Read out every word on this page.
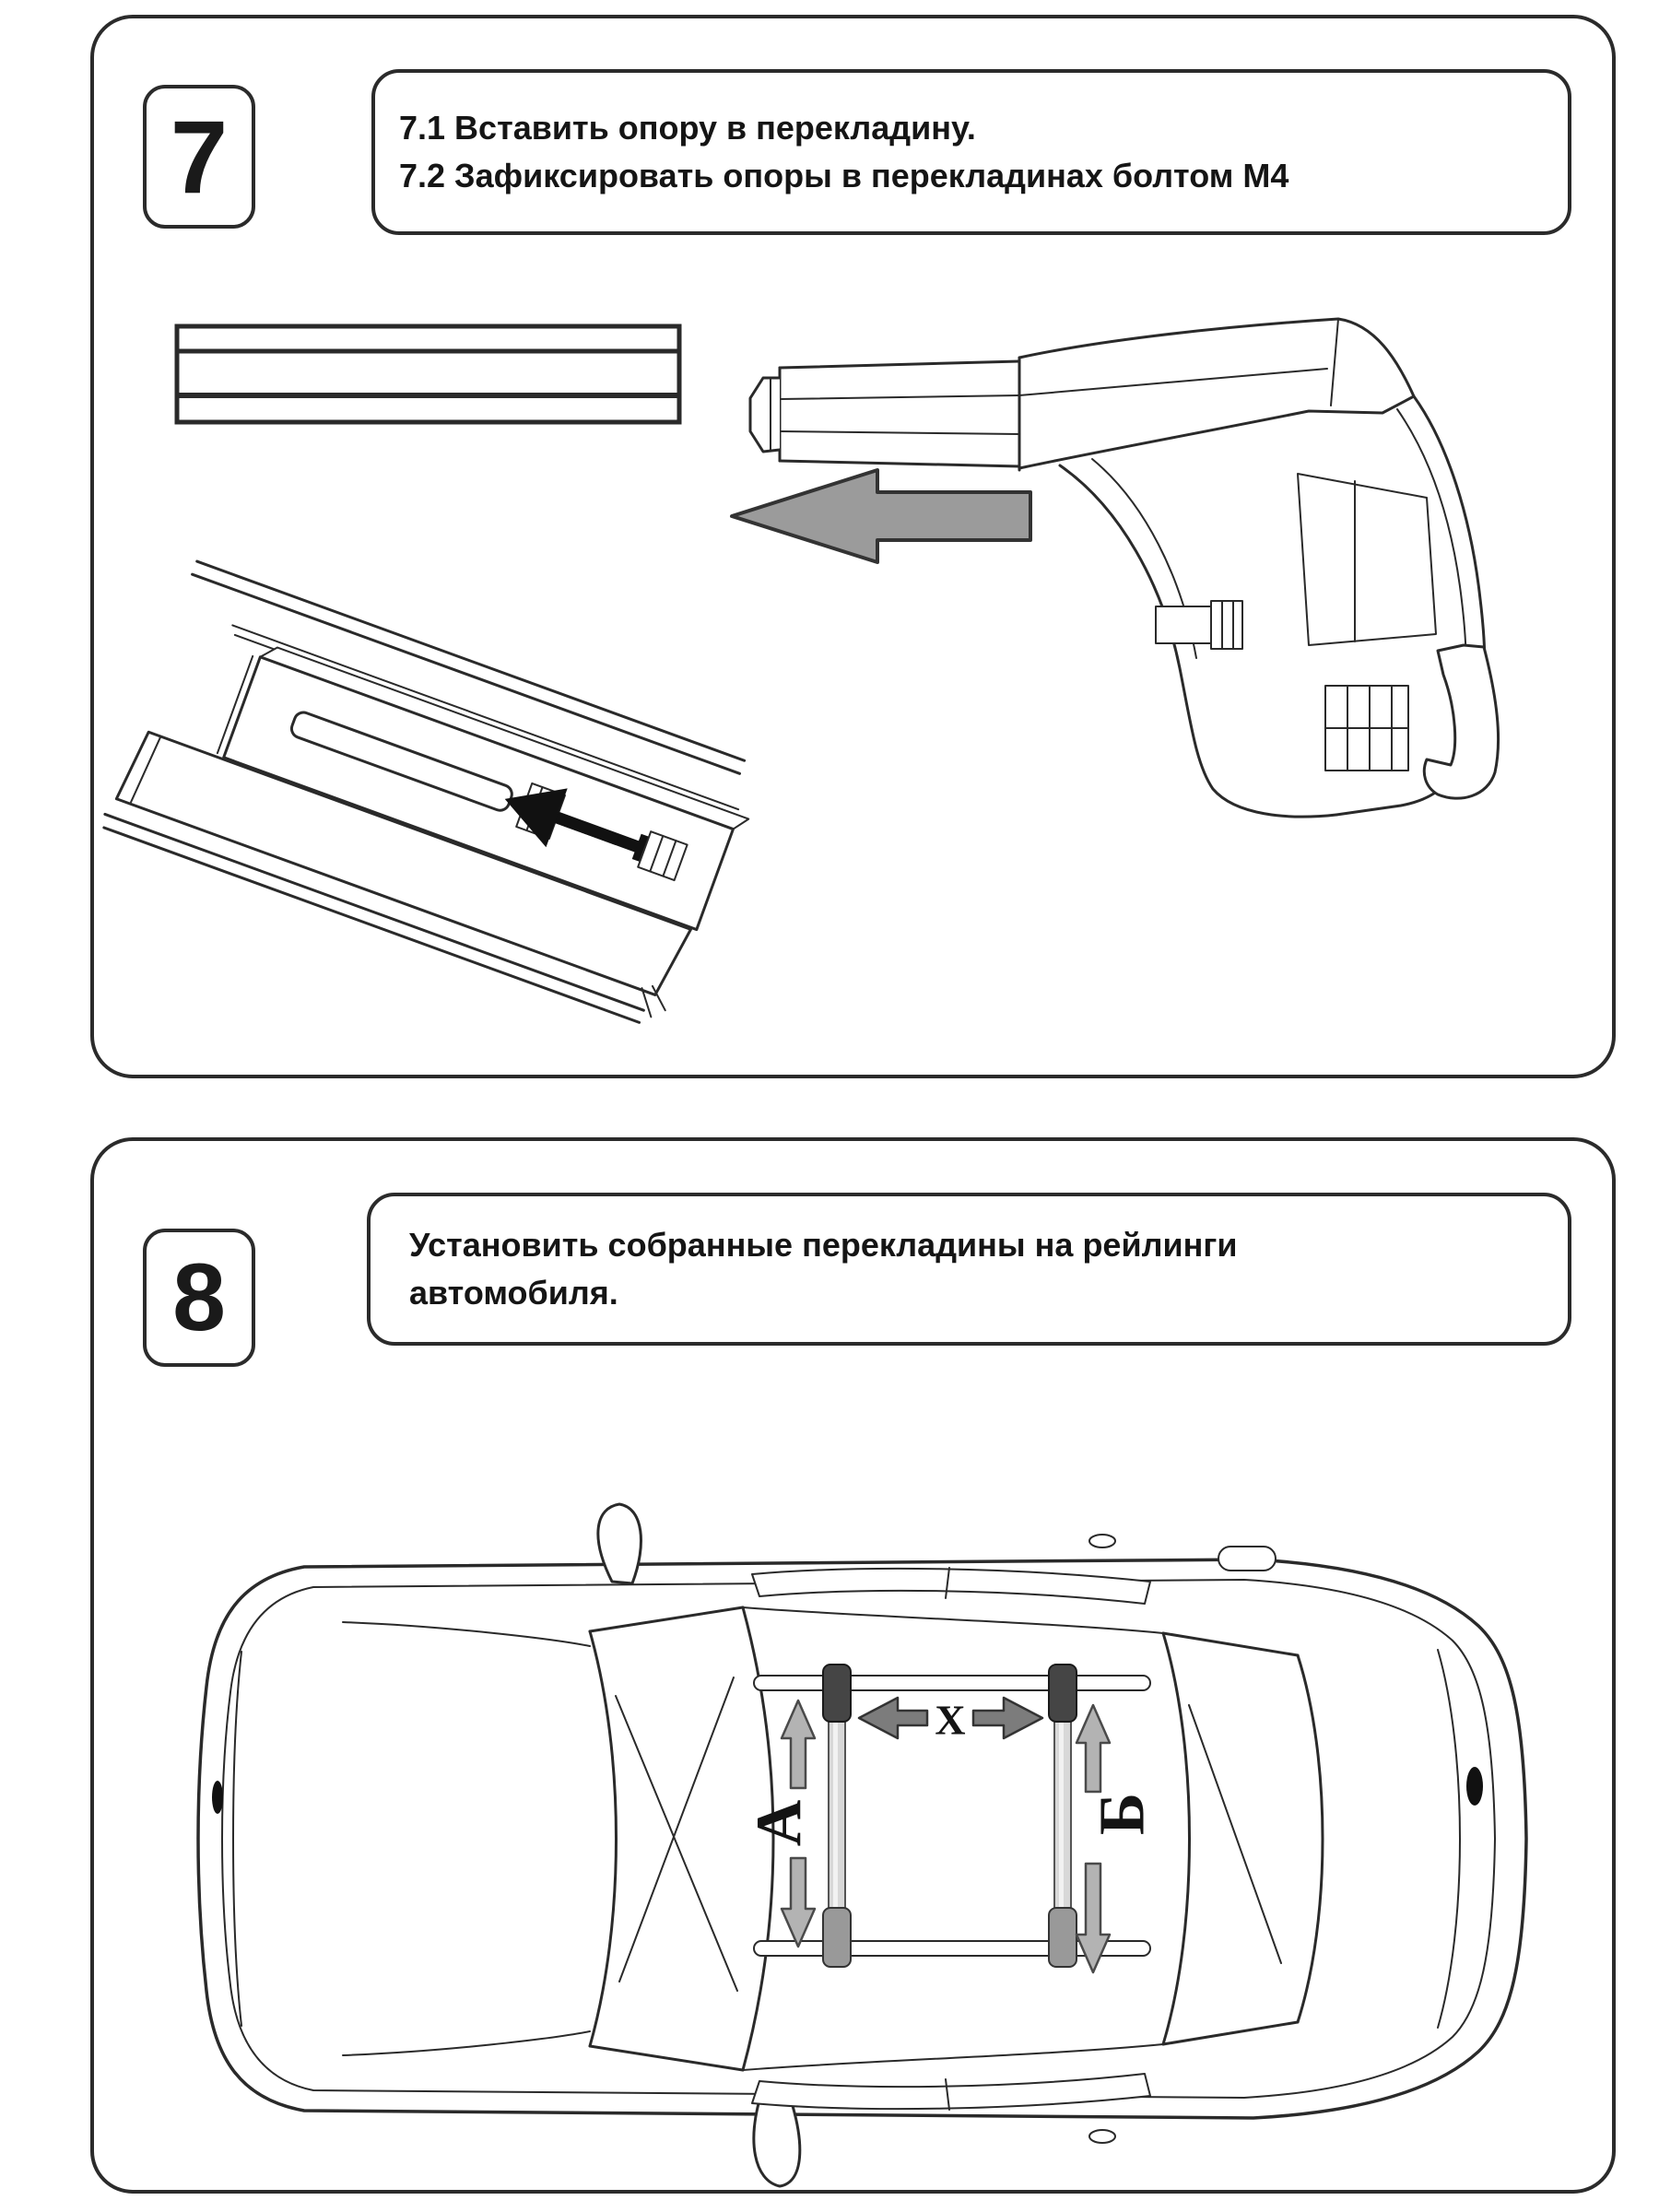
7	7.1 Вставить опору в перекладину.
7.2 Зафиксировать опоры в перекладинах болтом М4
А	Б
X
8	Установить собранные перекладины на рейлинги
автомобиля.
